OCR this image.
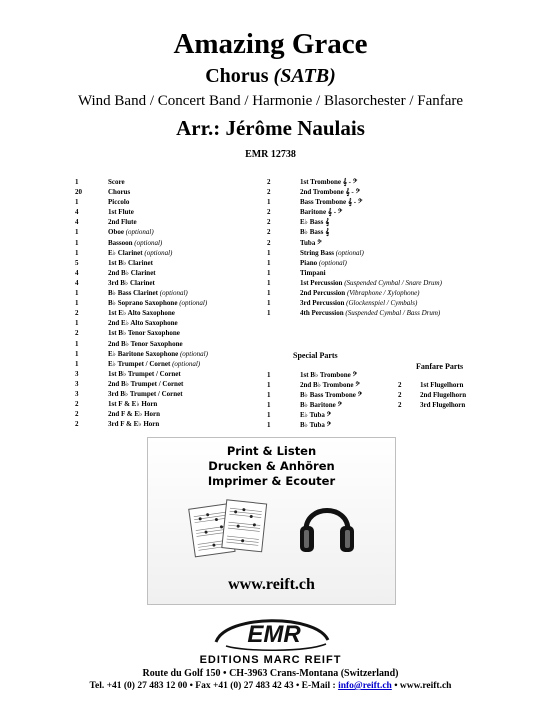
Amazing Grace
Chorus (SATB)
Wind Band / Concert Band / Harmonie / Blasorchester / Fanfare
Arr.: Jérôme Naulais
EMR 12738
1	Score
20	Chorus
1	Piccolo
4	1st Flute
4	2nd Flute
1	Oboe (optional)
1	Bassoon (optional)
1	E♭ Clarinet (optional)
5	1st B♭ Clarinet
4	2nd B♭ Clarinet
4	3rd B♭ Clarinet
1	B♭ Bass Clarinet (optional)
1	B♭ Soprano Saxophone (optional)
2	1st E♭ Alto Saxophone
1	2nd E♭ Alto Saxophone
2	1st B♭ Tenor Saxophone
1	2nd B♭ Tenor Saxophone
1	E♭ Baritone Saxophone (optional)
1	E♭ Trumpet / Cornet (optional)
3	1st B♭ Trumpet / Cornet
3	2nd B♭ Trumpet / Cornet
3	3rd B♭ Trumpet / Cornet
2	1st F & E♭ Horn
2	2nd F & E♭ Horn
2	3rd F & E♭ Horn
2	1st Trombone 𝄞 - 𝄢
2	2nd Trombone 𝄞 - 𝄢
1	Bass Trombone 𝄞 - 𝄢
2	Baritone 𝄞 - 𝄢
2	E♭ Bass 𝄞
2	B♭ Bass 𝄞
2	Tuba 𝄢
1	String Bass (optional)
1	Piano (optional)
1	Timpani
1	1st Percussion (Suspended Cymbal / Snare Drum)
1	2nd Percussion (Vibraphone / Xylophone)
1	3rd Percussion (Glockenspiel / Cymbals)
1	4th Percussion (Suspended Cymbal / Bass Drum)
Special Parts
1	1st B♭ Trombone 𝄢
1	2nd B♭ Trombone 𝄢
1	B♭ Bass Trombone 𝄢
1	B♭ Baritone 𝄢
1	E♭ Tuba 𝄢
1	B♭ Tuba 𝄢
Fanfare Parts
2	1st Flugelhorn
2	2nd Flugelhorn
2	3rd Flugelhorn
Print & Listen
Drucken & Anhören
Imprimer & Ecouter
www.reift.ch
EMR
EDITIONS MARC REIFT
Route du Golf 150 • CH-3963 Crans-Montana (Switzerland)
Tel. +41 (0) 27 483 12 00 • Fax +41 (0) 27 483 42 43 • E-Mail : info@reift.ch • www.reift.ch
